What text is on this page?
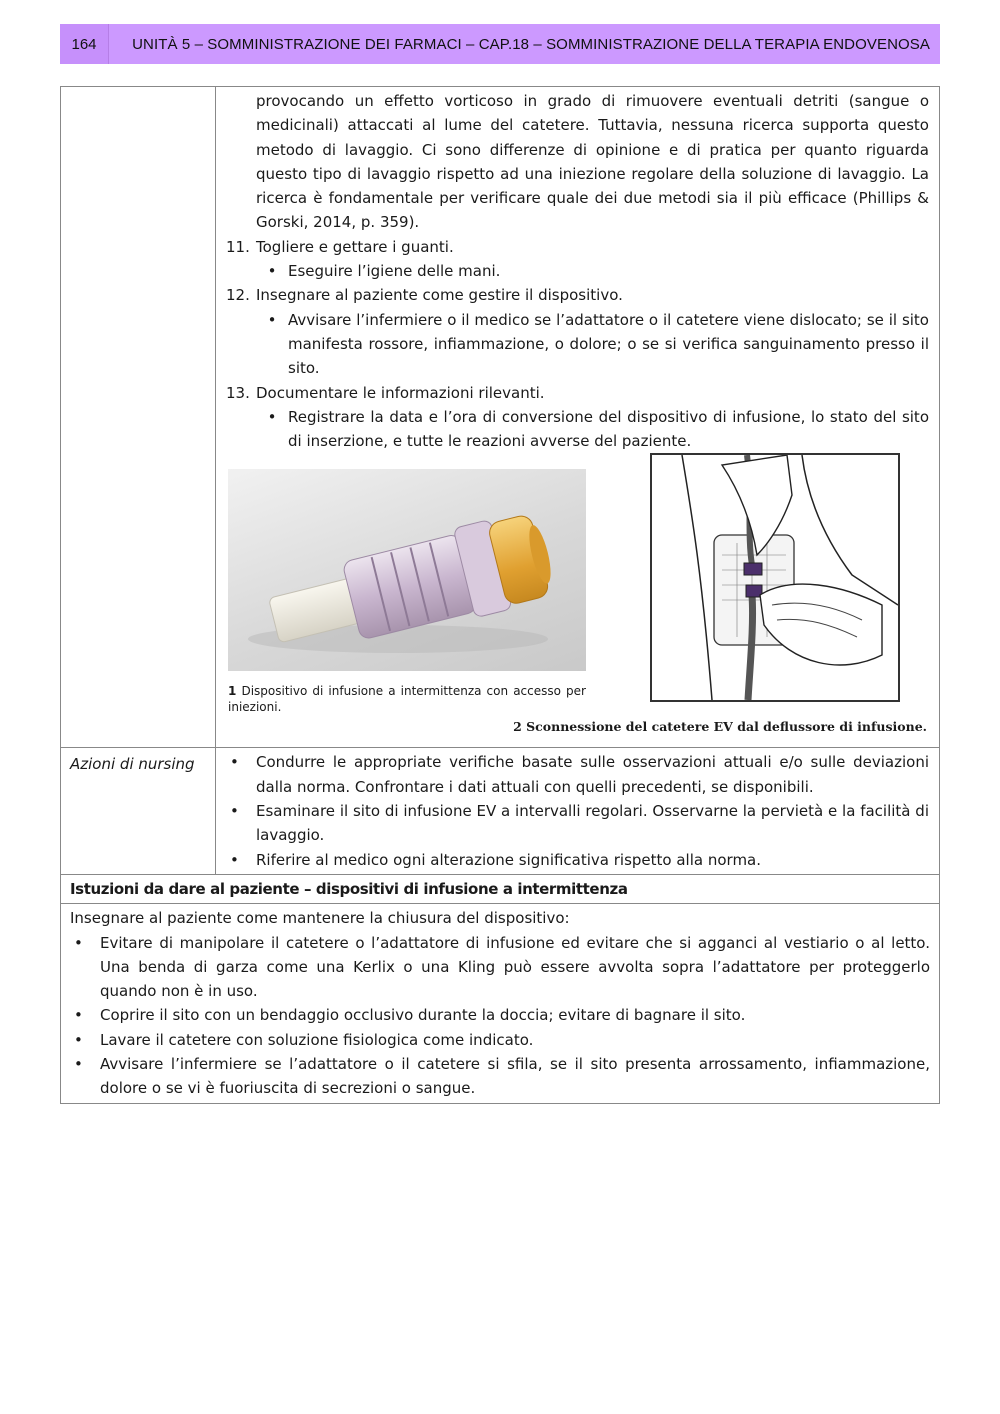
164	UNITÀ 5 – SOMMINISTRAZIONE DEI FARMACI – CAP.18 – SOMMINISTRAZIONE DELLA TERAPIA ENDOVENOSA
provocando un effetto vorticoso in grado di rimuovere eventuali detriti (sangue o medicinali) attaccati al lume del catetere. Tuttavia, nessuna ricerca supporta questo metodo di lavaggio. Ci sono differenze di opinione e di pratica per quanto riguarda questo tipo di lavaggio rispetto ad una iniezione regolare della soluzione di lavaggio. La ricerca è fondamentale per verificare quale dei due metodi sia il più efficace (Phillips & Gorski, 2014, p. 359).
11. Togliere e gettare i guanti.
• Eseguire l’igiene delle mani.
12. Insegnare al paziente come gestire il dispositivo.
• Avvisare l’infermiere o il medico se l’adattatore o il catetere viene dislocato; se il sito manifesta rossore, infiammazione, o dolore; o se si verifica sanguinamento presso il sito.
13. Documentare le informazioni rilevanti.
• Registrare la data e l’ora di conversione del dispositivo di infusione, lo stato del sito di inserzione, e tutte le reazioni avverse del paziente.
1 Dispositivo di infusione a intermittenza con accesso per iniezioni.
2 Sconnessione del catetere EV dal deflussore di infusione.
Azioni di nursing	•	Condurre le appropriate verifiche basate sulle osservazioni attuali e/o sulle deviazioni dalla norma. Confrontare i dati attuali con quelli precedenti, se disponibili.
•	Esaminare il sito di infusione EV a intervalli regolari. Osservarne la pervietà e la facilità di lavaggio.
•	Riferire al medico ogni alterazione significativa rispetto alla norma.
Istuzioni da dare al paziente – dispositivi di infusione a intermittenza
Insegnare al paziente come mantenere la chiusura del dispositivo:
•	Evitare di manipolare il catetere o l’adattatore di infusione ed evitare che si agganci al vestiario o al letto. Una benda di garza come una Kerlix o una Kling può essere avvolta sopra l’adattatore per proteggerlo quando non è in uso.
•	Coprire il sito con un bendaggio occlusivo durante la doccia; evitare di bagnare il sito.
•	Lavare il catetere con soluzione fisiologica come indicato.
•	Avvisare l’infermiere se l’adattatore o il catetere si sfila, se il sito presenta arrossamento, infiammazione, dolore o se vi è fuoriuscita di secrezioni o sangue.
